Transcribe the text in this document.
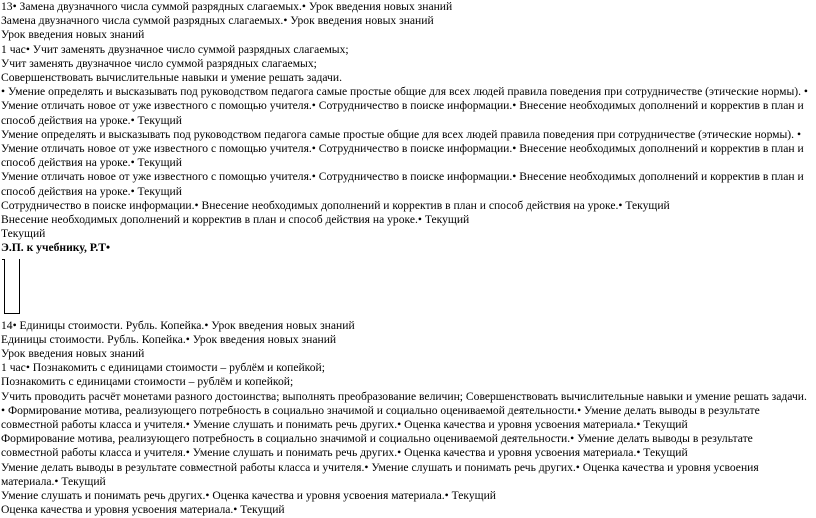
13• Замена двузначного числа суммой разрядных слагаемых.• Урок введения новых знаний

Замена двузначного числа суммой разрядных слагаемых.• Урок введения новых знаний

Урок введения новых знаний

1 час• Учит заменять двузначное число суммой разрядных слагаемых;

Учит заменять двузначное число суммой разрядных слагаемых;

Совершенствовать вычислительные навыки и умение решать задачи.

• Умение определять и высказывать под руководством педагога самые простые общие для всех людей правила поведения при сотрудничестве (этические нормы). • Умение отличать новое от уже известного с помощью учителя.• Сотрудничество в поиске информации.• Внесение необходимых дополнений и корректив в план и способ действия на уроке.• Текущий

Умение определять и высказывать под руководством педагога самые простые общие для всех людей правила поведения при сотрудничестве (этические нормы). • Умение отличать новое от уже известного с помощью учителя.• Сотрудничество в поиске информации.• Внесение необходимых дополнений и корректив в план и способ действия на уроке.• Текущий

Умение отличать новое от уже известного с помощью учителя.• Сотрудничество в поиске информации.• Внесение необходимых дополнений и корректив в план и способ действия на уроке.• Текущий

Сотрудничество в поиске информации.• Внесение необходимых дополнений и корректив в план и способ действия на уроке.• Текущий

Внесение необходимых дополнений и корректив в план и способ действия на уроке.• Текущий

Текущий

Э.П. к учебнику, Р.Т•

14• Единицы стоимости. Рубль. Копейка.• Урок введения новых знаний

Единицы стоимости. Рубль. Копейка.• Урок введения новых знаний

Урок введения новых знаний

1 час• Познакомить с единицами стоимости – рублём и копейкой;

Познакомить с единицами стоимости – рублём и копейкой;

Учить проводить расчёт монетами разного достоинства; выполнять преобразование величин; Совершенствовать вычислительные навыки и умение решать задачи.

• Формирование мотива, реализующего потребность в социально значимой и социально оцениваемой деятельности.• Умение делать выводы в результате совместной работы класса и учителя.• Умение слушать и понимать речь других.• Оценка качества и уровня усвоения материала.• Текущий

Формирование мотива, реализующего потребность в социально значимой и социально оцениваемой деятельности.• Умение делать выводы в результате совместной работы класса и учителя.• Умение слушать и понимать речь других.• Оценка качества и уровня усвоения материала.• Текущий

Умение делать выводы в результате совместной работы класса и учителя.• Умение слушать и понимать речь других.• Оценка качества и уровня усвоения материала.• Текущий

Умение слушать и понимать речь других.• Оценка качества и уровня усвоения материала.• Текущий

Оценка качества и уровня усвоения материала.• Текущий
